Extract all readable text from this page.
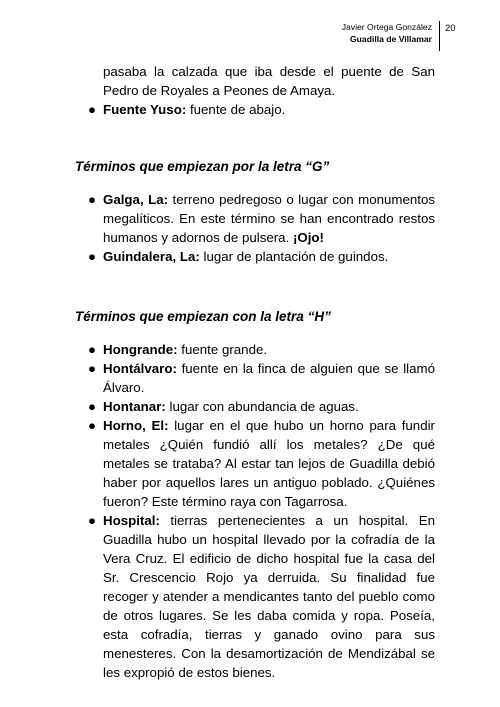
Javier Ortega González
Guadilla de Villamar
20
pasaba la calzada que iba desde el puente de San Pedro de Royales a Peones de Amaya.
● Fuente Yuso: fuente de abajo.
Términos que empiezan por la letra “G”
● Galga, La: terreno pedregoso o lugar con monumentos megalíticos. En este término se han encontrado restos humanos y adornos de pulsera. ¡Ojo!
● Guindalera, La: lugar de plantación de guindos.
Términos que empiezan con la letra “H”
● Hongrande: fuente grande.
● Hontálvaro: fuente en la finca de alguien que se llamó Álvaro.
● Hontanar: lugar con abundancia de aguas.
● Horno, El: lugar en el que hubo un horno para fundir metales ¿Quién fundió allí los metales? ¿De qué metales se trataba? Al estar tan lejos de Guadilla debió haber por aquellos lares un antiguo poblado. ¿Quiénes fueron? Este término raya con Tagarrosa.
● Hospital: tierras pertenecientes a un hospital. En Guadilla hubo un hospital llevado por la cofradía de la Vera Cruz. El edificio de dicho hospital fue la casa del Sr. Crescencio Rojo ya derruida. Su finalidad fue recoger y atender a mendicantes tanto del pueblo como de otros lugares. Se les daba comida y ropa. Poseía, esta cofradía, tierras y ganado ovino para sus menesteres. Con la desamortización de Mendizábal se les expropió de estos bienes.
